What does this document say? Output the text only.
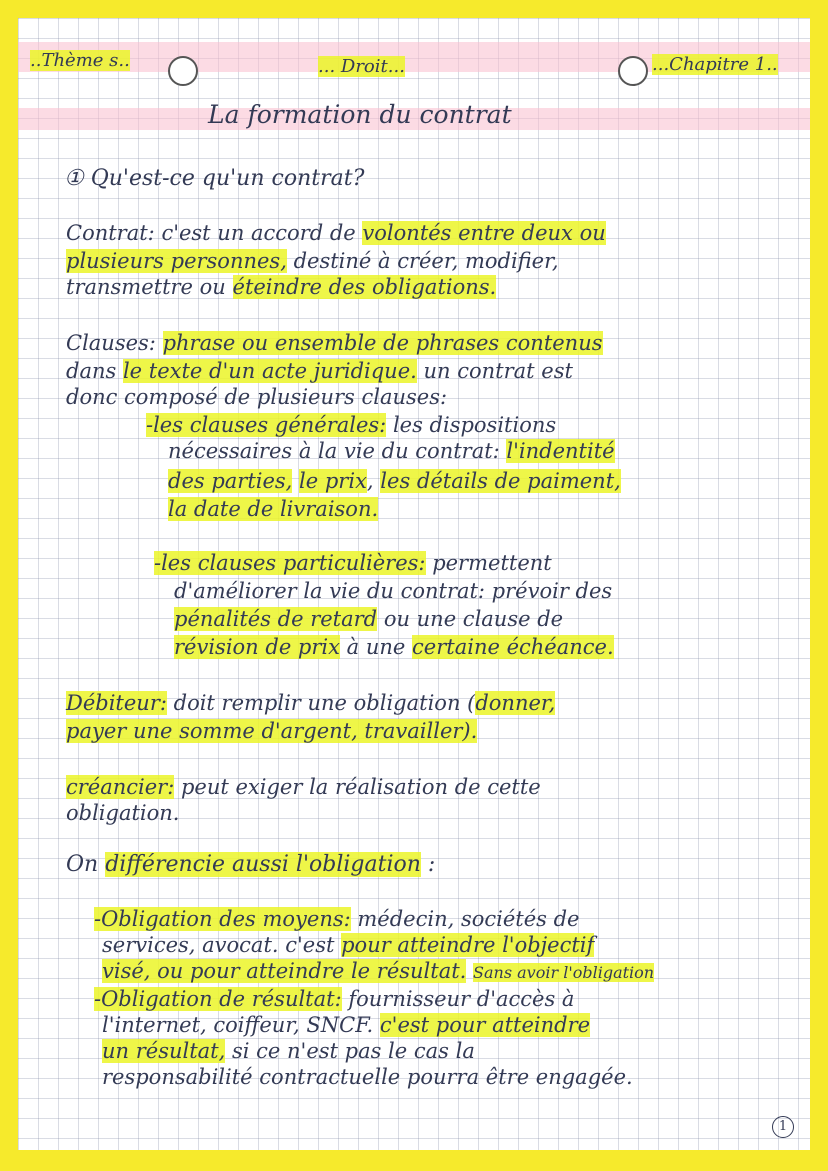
..Thème s..	... Droit...	...Chapitre 1..

La formation du contrat

① Qu'est-ce qu'un contrat?

Contrat: c'est un accord de volontés entre deux ou

plusieurs personnes, destiné à créer, modifier,

transmettre ou éteindre des obligations.

Clauses: phrase ou ensemble de phrases contenus

dans le texte d'un acte juridique. un contrat est

donc composé de plusieurs clauses:

-les clauses générales: les dispositions

nécessaires à la vie du contrat: l'indentité

des parties, le prix, les détails de paiment,

la date de livraison.

-les clauses particulières: permettent

d'améliorer la vie du contrat: prévoir des

pénalités de retard ou une clause de

révision de prix à une certaine échéance.

Débiteur: doit remplir une obligation (donner,

payer une somme d'argent, travailler).

créancier: peut exiger la réalisation de cette

obligation.

On différencie aussi l'obligation :

-Obligation des moyens: médecin, sociétés de

services, avocat. c'est pour atteindre l'objectif

visé, ou pour atteindre le résultat. Sans avoir l'obligation

-Obligation de résultat: fournisseur d'accès à

l'internet, coiffeur, SNCF. c'est pour atteindre

un résultat, si ce n'est pas le cas la

responsabilité contractuelle pourra être engagée.

1
